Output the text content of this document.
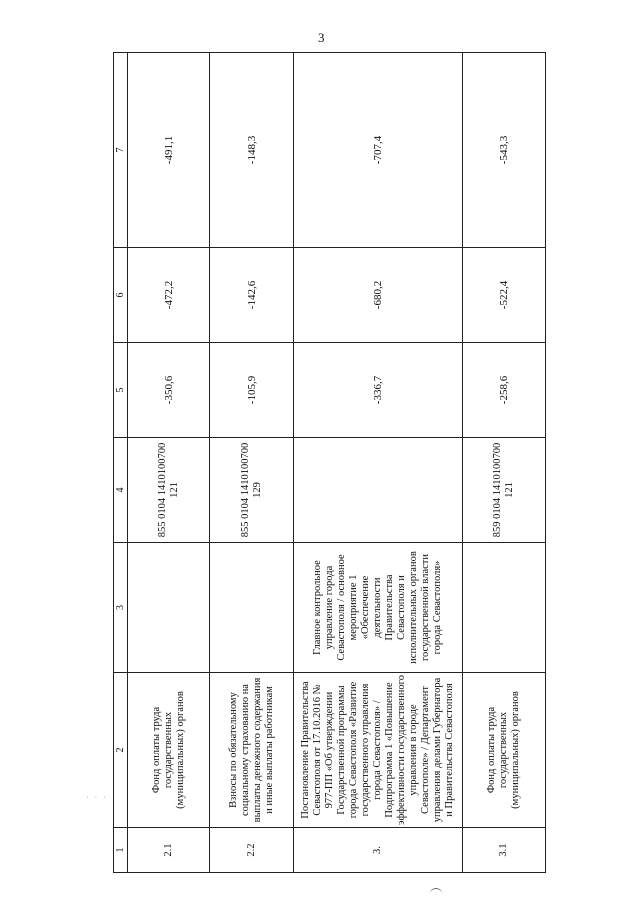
3
1	2	3	4	5	6	7
2.1	Фонд оплаты труда государственных (муниципальных) органов		855 0104 1410100700 121	-350,6	-472,2	-491,1
2.2	Взносы по обязательному социальному страхованию на выплаты денежного содержания и иные выплаты работникам		855 0104 1410100700 129	-105,9	-142,6	-148,3
3.	Постановление Правительства Севастополя от 17.10.2016 № 977-ПП «Об утверждении Государственной программы города Севастополя «Развитие государственного управления города Севастополя» / Подпрограмма 1 «Повышение эффективности государственного управления в городе Севастополе» / Департамент управления делами Губернатора и Правительства Севастополя	Главное контрольное управление города Севастополя / основное мероприятие 1 «Обеспечение деятельности Правительства Севастополя и исполнительных органов государственной власти города Севастополя»		-336,7	-680,2	-707,4
3.1	Фонд оплаты труда государственных (муниципальных) органов		859 0104 1410100700 121	-258,6	-522,4	-543,3
· · ·
